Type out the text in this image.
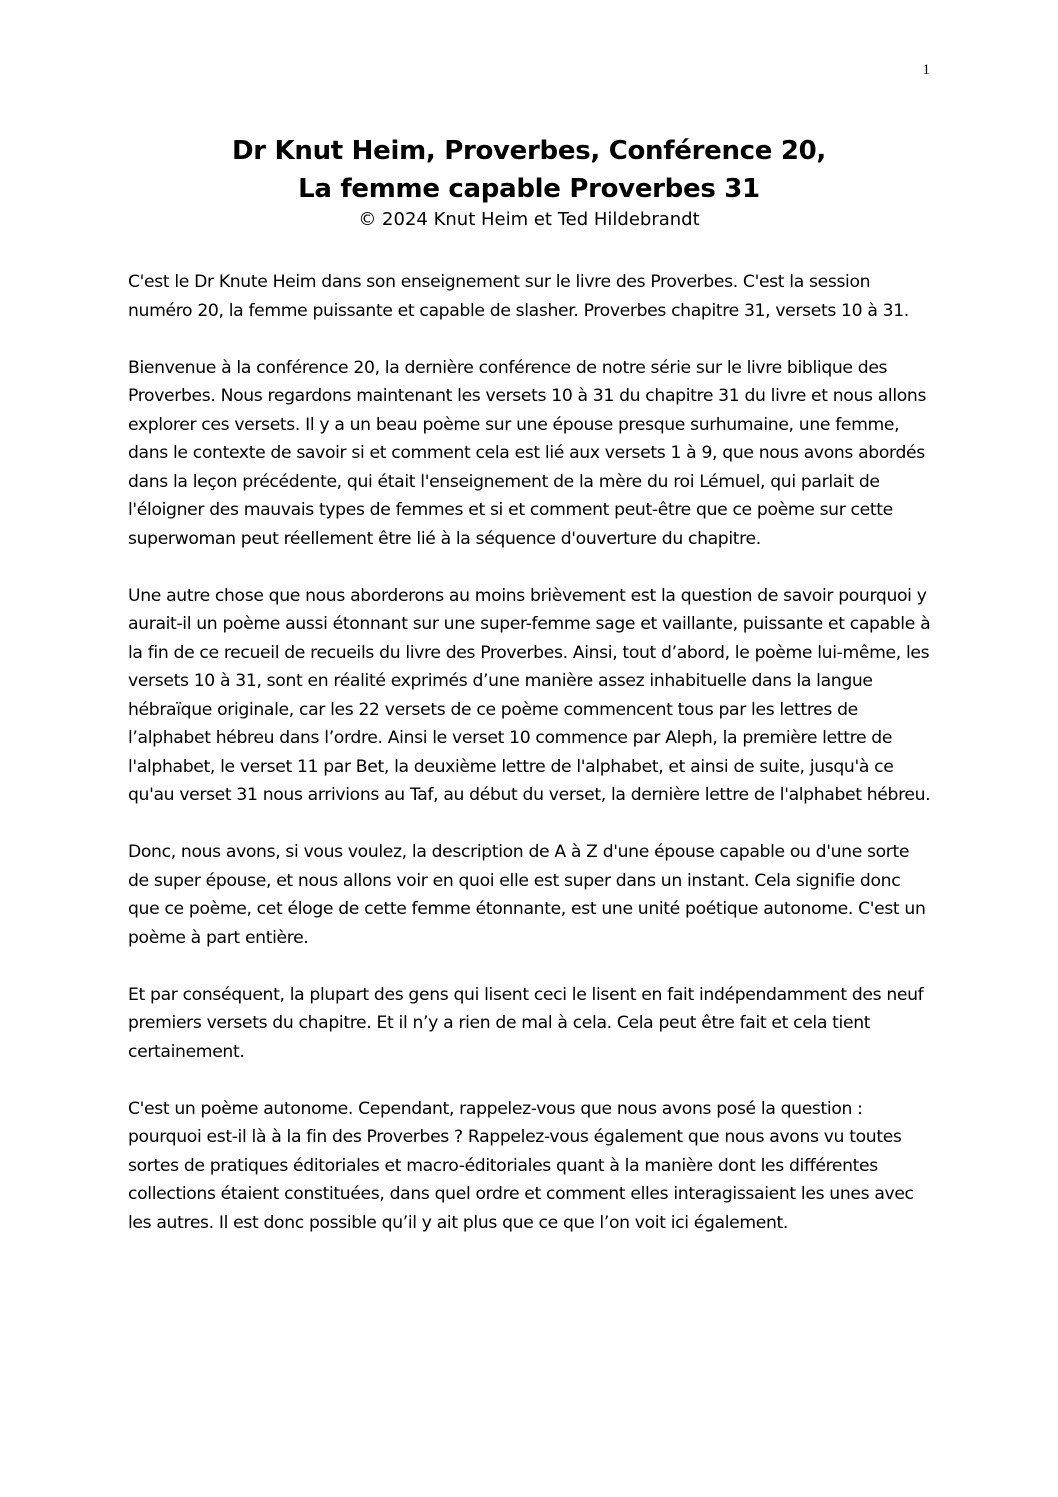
1
Dr Knut Heim, Proverbes, Conférence 20,
La femme capable Proverbes 31
© 2024 Knut Heim et Ted Hildebrandt

C'est le Dr Knute Heim dans son enseignement sur le livre des Proverbes. C'est la session numéro 20, la femme puissante et capable de slasher. Proverbes chapitre 31, versets 10 à 31.

Bienvenue à la conférence 20, la dernière conférence de notre série sur le livre biblique des Proverbes. Nous regardons maintenant les versets 10 à 31 du chapitre 31 du livre et nous allons explorer ces versets. Il y a un beau poème sur une épouse presque surhumaine, une femme, dans le contexte de savoir si et comment cela est lié aux versets 1 à 9, que nous avons abordés dans la leçon précédente, qui était l'enseignement de la mère du roi Lémuel, qui parlait de l'éloigner des mauvais types de femmes et si et comment peut-être que ce poème sur cette superwoman peut réellement être lié à la séquence d'ouverture du chapitre.

Une autre chose que nous aborderons au moins brièvement est la question de savoir pourquoi y aurait-il un poème aussi étonnant sur une super-femme sage et vaillante, puissante et capable à la fin de ce recueil de recueils du livre des Proverbes. Ainsi, tout d’abord, le poème lui-même, les versets 10 à 31, sont en réalité exprimés d’une manière assez inhabituelle dans la langue hébraïque originale, car les 22 versets de ce poème commencent tous par les lettres de l’alphabet hébreu dans l’ordre. Ainsi le verset 10 commence par Aleph, la première lettre de l'alphabet, le verset 11 par Bet, la deuxième lettre de l'alphabet, et ainsi de suite, jusqu'à ce qu'au verset 31 nous arrivions au Taf, au début du verset, la dernière lettre de l'alphabet hébreu.

Donc, nous avons, si vous voulez, la description de A à Z d'une épouse capable ou d'une sorte de super épouse, et nous allons voir en quoi elle est super dans un instant. Cela signifie donc que ce poème, cet éloge de cette femme étonnante, est une unité poétique autonome. C'est un poème à part entière.

Et par conséquent, la plupart des gens qui lisent ceci le lisent en fait indépendamment des neuf premiers versets du chapitre. Et il n’y a rien de mal à cela. Cela peut être fait et cela tient certainement.

C'est un poème autonome. Cependant, rappelez-vous que nous avons posé la question : pourquoi est-il là à la fin des Proverbes ? Rappelez-vous également que nous avons vu toutes sortes de pratiques éditoriales et macro-éditoriales quant à la manière dont les différentes collections étaient constituées, dans quel ordre et comment elles interagissaient les unes avec les autres. Il est donc possible qu’il y ait plus que ce que l’on voit ici également.
